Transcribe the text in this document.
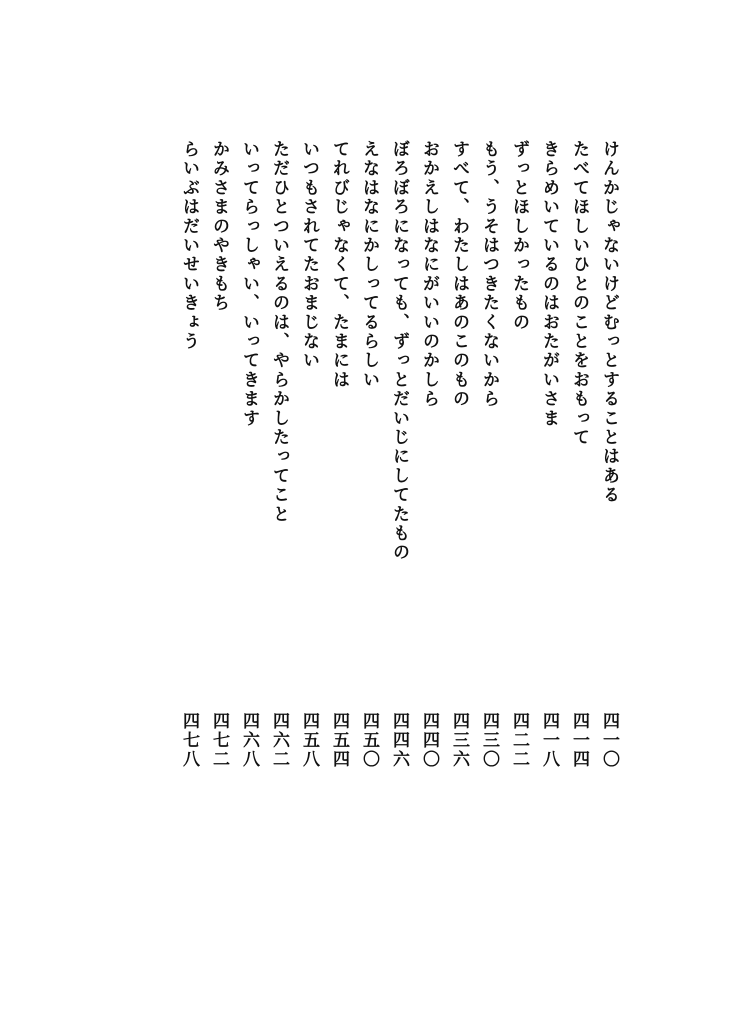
けんかじゃないけどむっとすることはある
四一〇
たべてほしいひとのことをおもって
四一四
きらめいているのはおたがいさま
四一八
ずっとほしかったもの
四二二
もう、うそはつきたくないから
四三〇
すべて、わたしはあのこのもの
四三六
おかえしはなにがいいのかしら
四四〇
ぼろぼろになっても、ずっとだいじにしてたもの
四四六
えなはなにかしってるらしい
四五〇
てれびじゃなくて、たまには
四五四
いつもされてたおまじない
四五八
ただひとついえるのは、やらかしたってこと
四六二
いってらっしゃい、いってきます
四六八
かみさまのやきもち
四七二
らいぶはだいせいきょう
四七八
